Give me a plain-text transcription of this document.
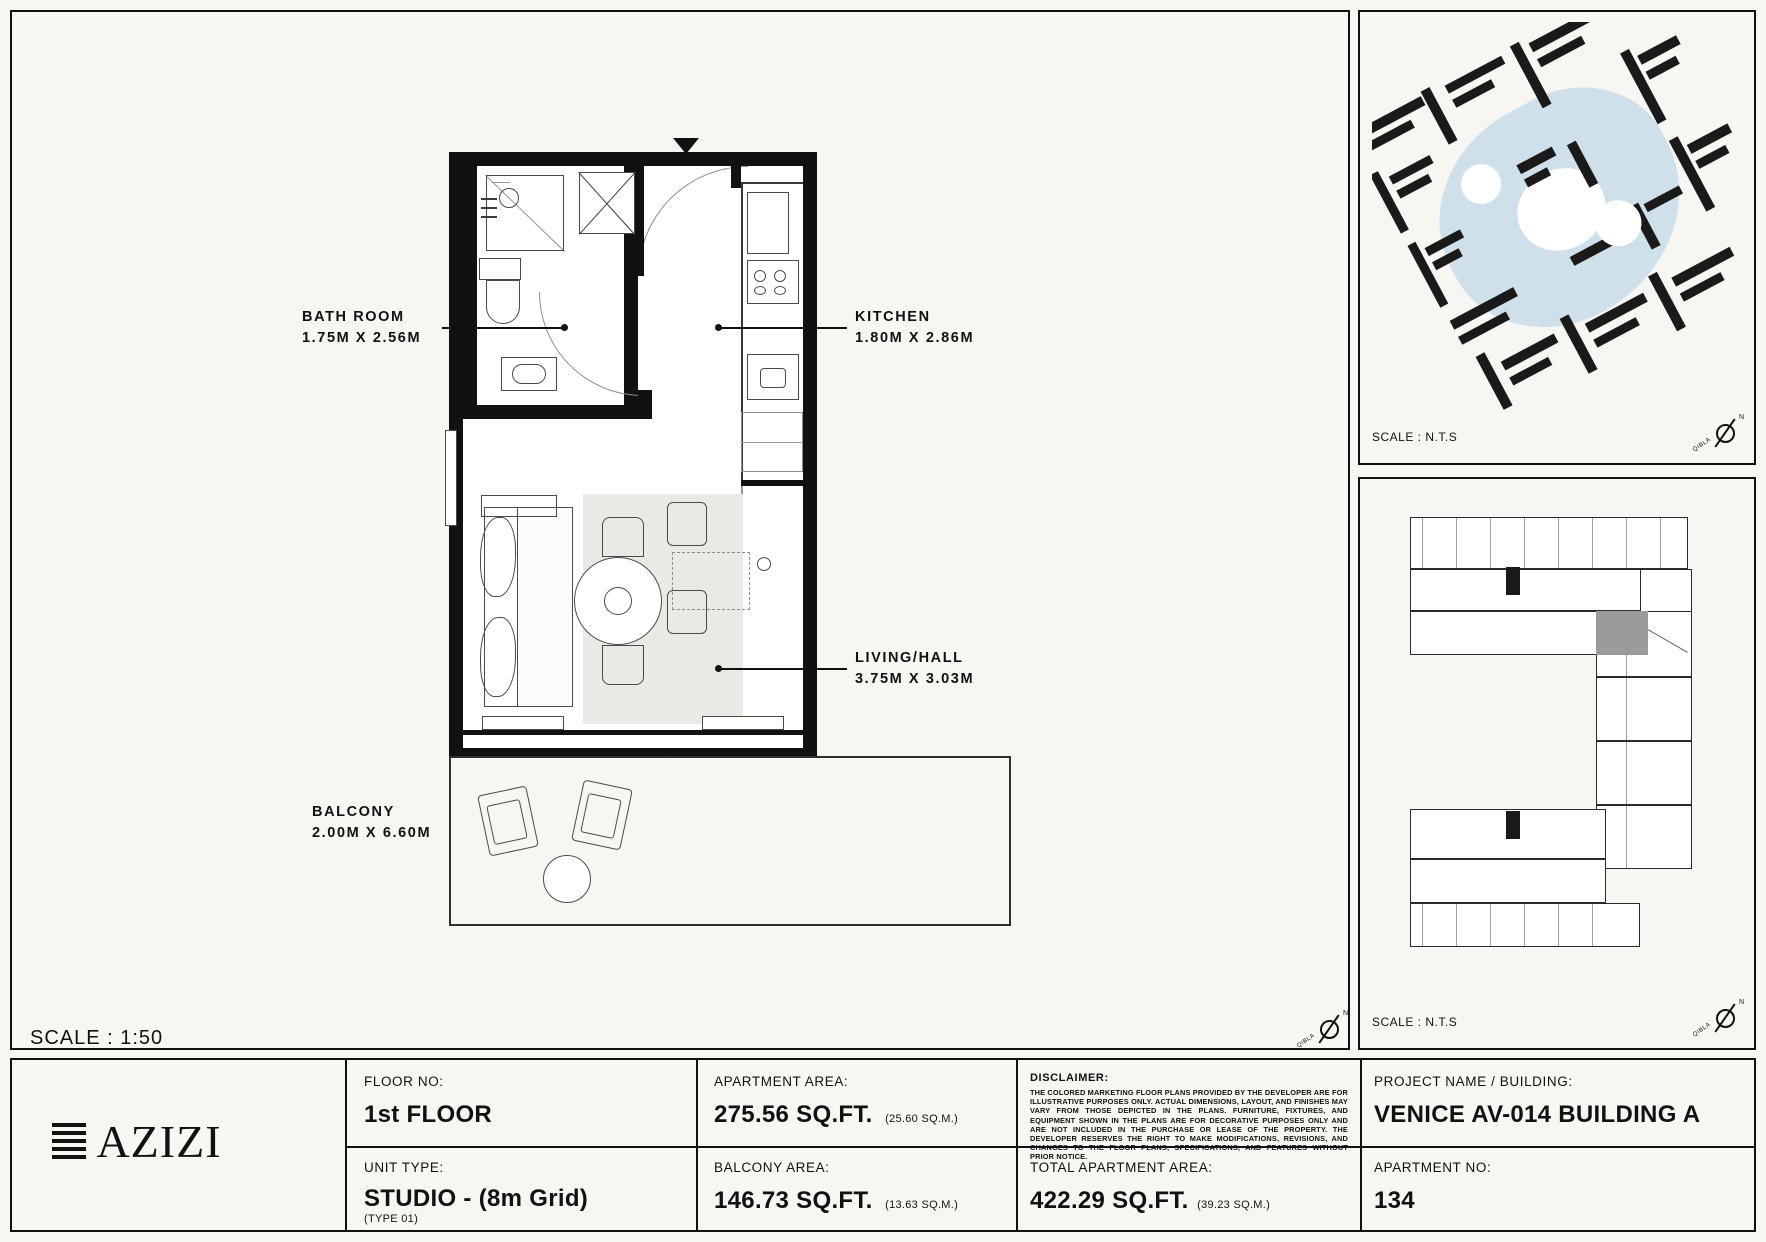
BATH ROOM
1.75M X 2.56M
KITCHEN
1.80M X 2.86M
LIVING/HALL
3.75M X 3.03M
BALCONY
2.00M X 6.60M
SCALE : 1:50
N
QIBLA
SCALE : N.T.S
N
QIBLA
SCALE : N.T.S
N
QIBLA
AZIZI
FLOOR NO:
1st FLOOR
UNIT TYPE:
STUDIO - (8m Grid)
(TYPE 01)
APARTMENT AREA:
275.56 SQ.FT. (25.60 SQ.M.)
BALCONY AREA:
146.73 SQ.FT. (13.63 SQ.M.)
DISCLAIMER:
THE COLORED MARKETING FLOOR PLANS PROVIDED BY THE DEVELOPER ARE FOR ILLUSTRATIVE PURPOSES ONLY. ACTUAL DIMENSIONS, LAYOUT, AND FINISHES MAY VARY FROM THOSE DEPICTED IN THE PLANS. FURNITURE, FIXTURES, AND EQUIPMENT SHOWN IN THE PLANS ARE FOR DECORATIVE PURPOSES ONLY AND ARE NOT INCLUDED IN THE PURCHASE OR LEASE OF THE PROPERTY. THE DEVELOPER RESERVES THE RIGHT TO MAKE MODIFICATIONS, REVISIONS, AND CHANGES TO THE FLOOR PLANS, SPECIFICATIONS, AND FEATURES WITHOUT PRIOR NOTICE.
TOTAL APARTMENT AREA:
422.29 SQ.FT. (39.23 SQ.M.)
PROJECT NAME / BUILDING:
VENICE AV-014 BUILDING A
APARTMENT NO:
134
